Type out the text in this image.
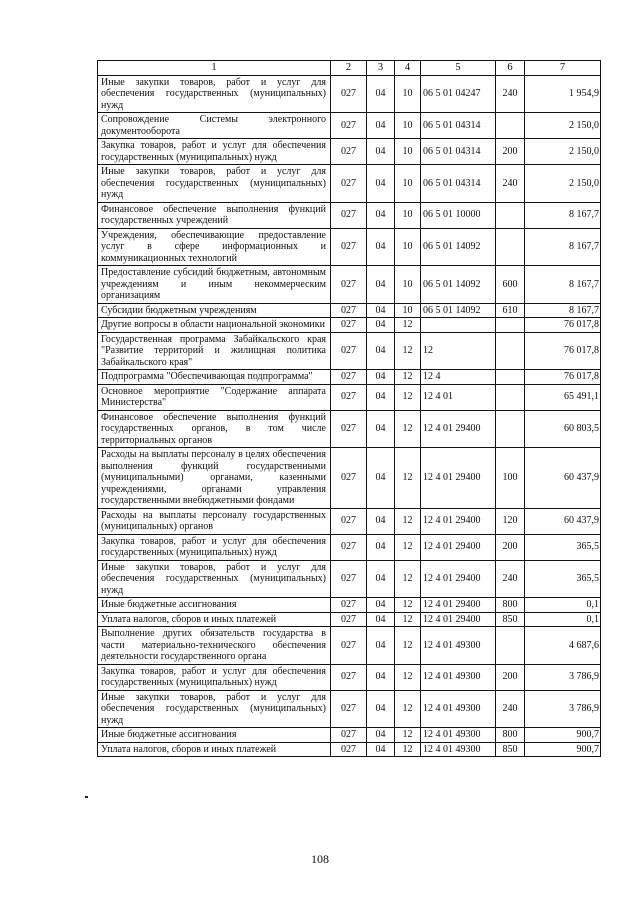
1	2	3	4	5	6	7
Иные закупки товаров, работ и услуг для обеспечения государственных (муниципальных) нужд	027	04	10	06 5 01 04247	240	1 954,9
Сопровождение Системы электронного документооборота	027	04	10	06 5 01 04314		2 150,0
Закупка товаров, работ и услуг для обеспечения государственных (муниципальных) нужд	027	04	10	06 5 01 04314	200	2 150,0
Иные закупки товаров, работ и услуг для обеспечения государственных (муниципальных) нужд	027	04	10	06 5 01 04314	240	2 150,0
Финансовое обеспечение выполнения функций государственных учреждений	027	04	10	06 5 01 10000		8 167,7
Учреждения, обеспечивающие предоставление услуг в сфере информационных и коммуникационных технологий	027	04	10	06 5 01 14092		8 167,7
Предоставление субсидий бюджетным, автономным учреждениям и иным некоммерческим организациям	027	04	10	06 5 01 14092	600	8 167,7
Субсидии бюджетным учреждениям	027	04	10	06 5 01 14092	610	8 167,7
Другие вопросы в области национальной экономики	027	04	12			76 017,8
Государственная программа Забайкальского края "Развитие территорий и жилищная политика Забайкальского края"	027	04	12	12		76 017,8
Подпрограмма "Обеспечивающая подпрограмма"	027	04	12	12 4		76 017,8
Основное мероприятие "Содержание аппарата Министерства"	027	04	12	12 4 01		65 491,1
Финансовое обеспечение выполнения функций государственных органов, в том числе территориальных органов	027	04	12	12 4 01 29400		60 803,5
Расходы на выплаты персоналу в целях обеспечения выполнения функций государственными (муниципальными) органами, казенными учреждениями, органами управления государственными внебюджетными фондами	027	04	12	12 4 01 29400	100	60 437,9
Расходы на выплаты персоналу государственных (муниципальных) органов	027	04	12	12 4 01 29400	120	60 437,9
Закупка товаров, работ и услуг для обеспечения государственных (муниципальных) нужд	027	04	12	12 4 01 29400	200	365,5
Иные закупки товаров, работ и услуг для обеспечения государственных (муниципальных) нужд	027	04	12	12 4 01 29400	240	365,5
Иные бюджетные ассигнования	027	04	12	12 4 01 29400	800	0,1
Уплата налогов, сборов и иных платежей	027	04	12	12 4 01 29400	850	0,1
Выполнение других обязательств государства в части материально-технического обеспечения деятельности государственного органа	027	04	12	12 4 01 49300		4 687,6
Закупка товаров, работ и услуг для обеспечения государственных (муниципальных) нужд	027	04	12	12 4 01 49300	200	3 786,9
Иные закупки товаров, работ и услуг для обеспечения государственных (муниципальных) нужд	027	04	12	12 4 01 49300	240	3 786,9
Иные бюджетные ассигнования	027	04	12	12 4 01 49300	800	900,7
Уплата налогов, сборов и иных платежей	027	04	12	12 4 01 49300	850	900,7
108
